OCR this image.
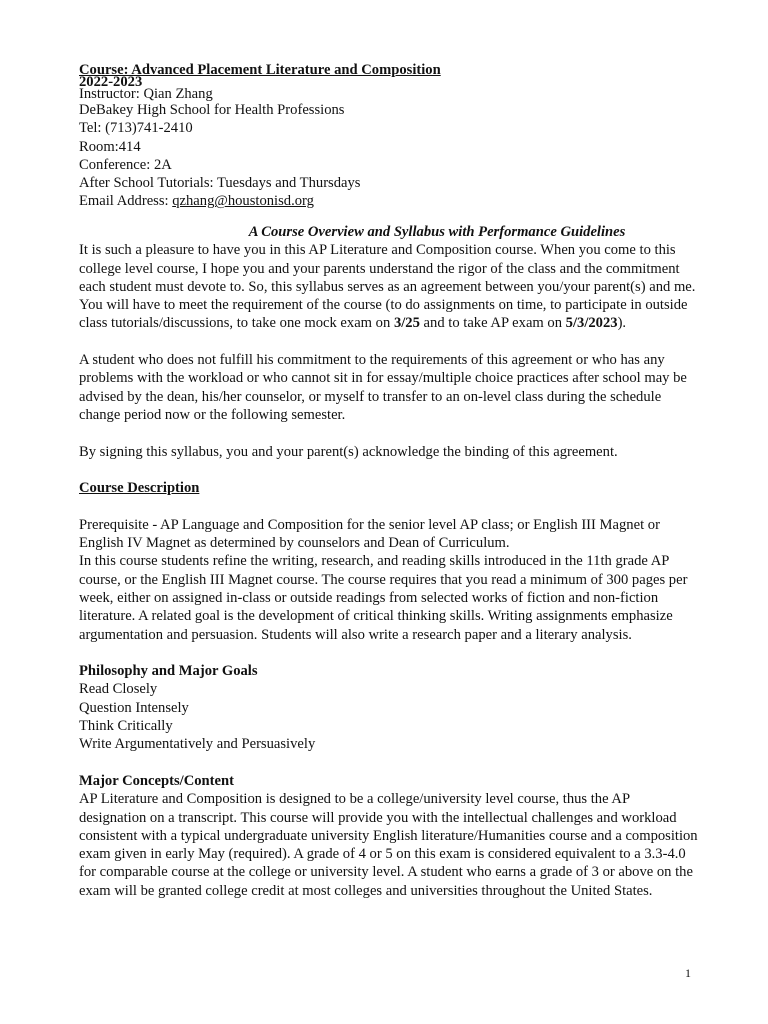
Course: Advanced Placement Literature and Composition
2022-2023
Instructor: Qian Zhang
DeBakey High School for Health Professions
Tel: (713)741-2410
Room:414
Conference: 2A
After School Tutorials: Tuesdays and Thursdays
Email Address: qzhang@houstonisd.org
A Course Overview and Syllabus with Performance Guidelines

It is such a pleasure to have you in this AP Literature and Composition course. When you come to this college level course, I hope you and your parents understand the rigor of the class and the commitment each student must devote to. So, this syllabus serves as an agreement between you/your parent(s) and me. You will have to meet the requirement of the course (to do assignments on time, to participate in outside class tutorials/discussions, to take one mock exam on 3/25 and to take AP exam on 5/3/2023).

A student who does not fulfill his commitment to the requirements of this agreement or who has any problems with the workload or who cannot sit in for essay/multiple choice practices after school may be advised by the dean, his/her counselor, or myself to transfer to an on-level class during the schedule change period now or the following semester.

By signing this syllabus, you and your parent(s) acknowledge the binding of this agreement.

Course Description

Prerequisite - AP Language and Composition for the senior level AP class; or English III Magnet or English IV Magnet as determined by counselors and Dean of Curriculum.

In this course students refine the writing, research, and reading skills introduced in the 11th grade AP course, or the English III Magnet course. The course requires that you read a minimum of 300 pages per week, either on assigned in-class or outside readings from selected works of fiction and non-fiction literature. A related goal is the development of critical thinking skills. Writing assignments emphasize argumentation and persuasion. Students will also write a research paper and a literary analysis.

Philosophy and Major Goals

Read Closely
Question Intensely
Think Critically
Write Argumentatively and Persuasively

Major Concepts/Content

AP Literature and Composition is designed to be a college/university level course, thus the AP designation on a transcript. This course will provide you with the intellectual challenges and workload consistent with a typical undergraduate university English literature/Humanities course and a composition exam given in early May (required). A grade of 4 or 5 on this exam is considered equivalent to a 3.3-4.0 for comparable course at the college or university level. A student who earns a grade of 3 or above on the exam will be granted college credit at most colleges and universities throughout the United States.

1
